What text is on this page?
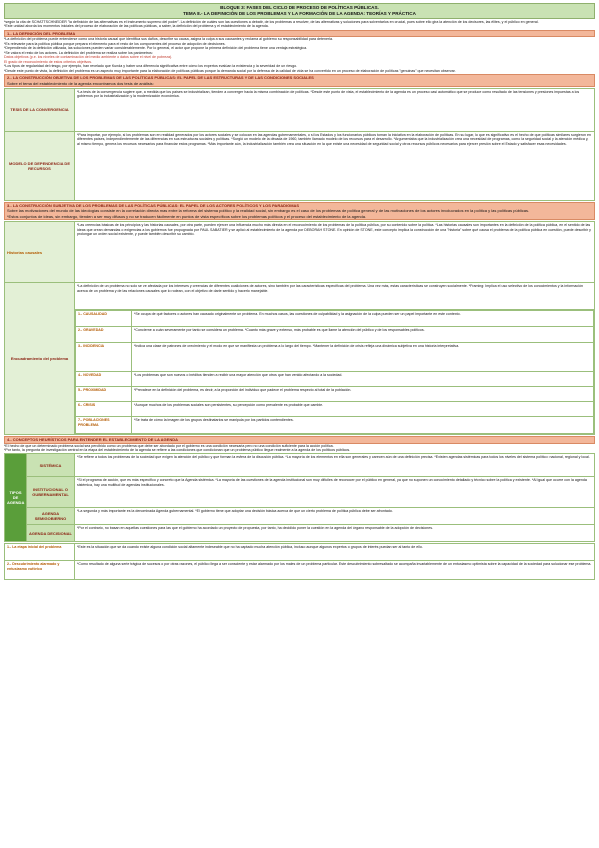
BLOQUE 3: FASES DEL CICLO DE PROCESO DE POLÍTICAS PÚBLICAS.
TEMA 8.- LA DEFINICIÓN DE LOS PROBLEMAS Y LA FORMACIÓN DE LA AGENDA: TEORÍAS Y PRÁCTICA

*según la cita de SCHATTSCHNEIDER "la definición de las alternativas es el instrumento supremo del poder". La definición de cuáles son las cuestiones a debatir, de los problemas a resolver, de las alternativas y soluciones para solventarlos en crucial, pues sobre ello gira la atención de los decisores, las élites, y el público en general.

*Este unidad aborda los momentos iniciales del proceso de elaboración de las políticas públicas, a saber, la definición del problema y el establecimiento de la agenda.

1.- LA DEFINICIÓN DEL PROBLEMA

*La definición del problema puede entenderse como una historia causal que identifica sus daños, describe su causa, asigna la culpa a sus causantes y reclama al gobierno su responsabilidad para detenerla.

*Es relevante para la política pública porque prepara el elemento para el resto de los componentes del proceso de adopción de decisiones.

*Dependiendo de la definición utilizada, las soluciones pueden variar considerablemente. Por lo general, el actor que propone la primera definición del problema tiene una ventaja estratégica.

*Se valora el resto de los actores. La definición del problema se realiza sobre los parámetros:

Datos objetivos (p.e. los niveles de contaminación del medio ambiente o datos sobre el nivel de pobreza).

El grado de reconocimiento de estos criterios objetivos.

*Los tipos de regularidad del riesgo, por ejemplo, han revelado que Kunda y haber una diferencia significativa entre cómo los expertos evalúan la existencia y la severidad de un riesgo.

*Desde este punto de vista, la definición del problema es un aspecto muy importante para la elaboración de políticas públicas porque la demanda social por la defensa de la calidad de vida se ha convertido en un proceso de elaboración de políticas "genuinas" que necesitan observar.

2.- LA CONSTRUCCIÓN OBJETIVA DE LOS PROBLEMAS DE LAS POLÍTICAS PÚBLICAS: EL PAPEL DE LAS ESTRUCTURAS Y DE LAS CONDICIONES SOCIALES
Sobre el tema del establecimiento de la agenda encontramos dos tesis de análisis:
TESIS DE LA CONVERGENCIA	*La tesis de la convergencia sugiere que, a medida que los países se industrializan, tienden a converger hacia la misma combinación de políticas. *Desde este punto de vista, el establecimiento de la agenda es un proceso casi automático que se produce como resultado de las tensiones y presiones impuestas a los gobiernos por la industrialización y la modernización económica.
MODELO DE DEPENDENCIA DE RECURSOS	*Para importar, por ejemplo, si los problemas son en realidad generados por los actores sociales y se colocan en las agendas gubernamentales, o si los Estados y los funcionarios públicos toman la iniciativa en la elaboración de políticas. En su lugar, lo que es significativo es el hecho de que políticas similares surgieron en diferentes países, independientemente de las diferencias en sus estructuras sociales y políticas. *Surgió un modelo de la década de 1960, también llamado modelo de los recursos para el desarrollo. *Argumentaba que la industrialización crea una necesidad de programas, como la seguridad social y la atención médica y, al mismo tiempo, genera los recursos necesarios para financiar estos programas. *Más importante aún, la industrialización también crea una situación en la que existe una necesidad de seguridad social y otros recursos públicos necesarios para ejercer presión sobre el Estado y satisfacer esas necesidades.
3.- LA CONSTRUCCIÓN SUBJETIVA DE LOS PROBLEMAS DE LAS POLÍTICAS PÚBLICAS: EL PAPEL DE LOS ACTORES POLÍTICOS Y LOS PARADIGMAS
Sobre las motivaciones del mundo de las ideologías consiste en la correlación directa mas entre la reforma del sistema político y la realidad social, sin embargo es el caso de los problemas de política general y de las motivaciones de los actores involucrados en la política y las políticas públicas.
*Estos conjuntos de ideas, sin embargo, tienden a ser muy difusos y no se traducen fácilmente en puntos de vista específicos sobre los problemas políticos y el proceso del establecimiento de la agenda.
Historias causales	*Las creencias básicas de los principios y las historias causales, por otra parte, pueden ejercer una influencia mucho más directa en el reconocimiento de los problemas de la política pública, por su contenido sobre la política. *Las historias causales son importantes en la definición de la política pública, en el sentido de las ideas que crean demandas o exigencias a los gobiernos fue propugnada por PAUL SABATIER y se aplicó al establecimiento de la agenda por DEBORAH STONE. En opinión de STONE, este concepto implica la construcción de una "historia" sobre qué causa el problema de la política pública en cuestión, puede describir y prolongar un orden social existente, y puede también describir su cambio.
Encuadramiento del problema	*La definición de un problema no solo se ve afectada por los intereses y creencias de diferentes coaliciones de actores, sino también por las características específicas del problema. Una vez más, estas características se construyen socialmente. *Framing: Implica el uso selectivo de los conocimientos y la información acerca de un problema y de las relaciones causales que lo rodean, con el objetivo de darle sentido y hacerlo manejable.

1.- CAUSALIDAD	*Se ocupa de qué factores o actores han causado originalmente un problema. En muchos casos, las cuestiones de culpabilidad y la asignación de la culpa pueden ser un papel importante en este contexto.
2.- GRAVEDAD	*Concierne a cuán severamente por tanto se considera un problema. *Cuanto más grave y extenso, más probable es que llame la atención del público y de los responsables políticos.
3.- INCIDENCIA	*Indica una clase de patrones de crecimiento y el modo en que se manifiesta un problema a lo largo del tiempo. *Mantener la definición de crisis refleja una dinámica subjetiva en una historia interpretativa.
4.- NOVEDAD	*Los problemas que son nuevos o inéditos tienden a recibir una mayor atención que otros que han venido afectando a la sociedad.
5.- PROXIMIDAD	*Prevalece en la definición del problema, es decir, a la proporción del individuo que padece el problema respecto al total de la población.
6.- CRISIS	*Aunque muchos de los problemas sociales son persistentes, su percepción como prevalente es probable que cambie.
7.- POBLACIONES PROBLEMA	*Se trata de cómo la imagen de los grupos destinatarios se manipula por los partidos contendientes.
4.- CONCEPTOS HEURÍSTICOS PARA ENTENDER EL ESTABLECIMIENTO DE LA AGENDA

*El hecho de que un determinado problema social sea percibido como un problema que debe ser abordado por el gobierno es una condición necesaria pero no una condición suficiente para la acción política.

*Por tanto, la pregunta de investigación central en la etapa del establecimiento de la agenda se refiere a las condiciones que condicionan que un problema público llegue realmente a la agenda de los políticos públicos.

TIPOS DE AGENDA	SISTÉMICA	*Se refiere a todos los problemas de la sociedad que exigen la atención del público y que forman la esfera de la discusión pública. *La mayoría de los elementos en ella son generales y carecen aún de una definición precisa. *Existen agendas sistémicas para todos los niveles del sistema político: nacional, regional y local.
	INSTITUCIONAL O GUBERNAMENTAL	*Si el programa de acción, que es más específico y concreto que la Agenda sistémica. *La mayoría de las cuestiones de la agenda institucional son muy difíciles de reconocer por el público en general, ya que no suponen un conocimiento detallado y técnico sobre la política y existente. *Al igual que ocurre con la agenda sistémica, hay una multitud de agendas institucionales.
	AGENDA SEMIGOBIERNO	*La segunda y más importante es la denominada Agenda gubernamental. *El gobierno tiene que adoptar una decisión básica acerca de que un cierto problema de política pública debe ser afrontado.
	AGENDA DECISIONAL	*Por el contrario, no basan en aquellas cuestiones para las que el gobierno ha acordado un proyecto de propuesta, por tanto, ha decidido poner la cuestión en la agenda del órgano responsable de la adopción de decisiones.
1.- La etapa inicial del problema	*Este es la situación que se da cuando existe alguna condición social altamente indeseable que no ha captado mucha atención pública, incluso aunque algunos expertos o grupos de interés puedan ser al tanto de ello.
2.- Descubrimiento alarmado y entusiasmo eufórico	*Como resultado de alguna serie trágica de sucesos o por otras razones, el público llega a ser consciente y estar alarmado por los males de un problema particular. Este descubrimiento sobresaltado se acompaña invariablemente de un entusiasmo optimista sobre la capacidad de la sociedad para solucionar ese problema.
